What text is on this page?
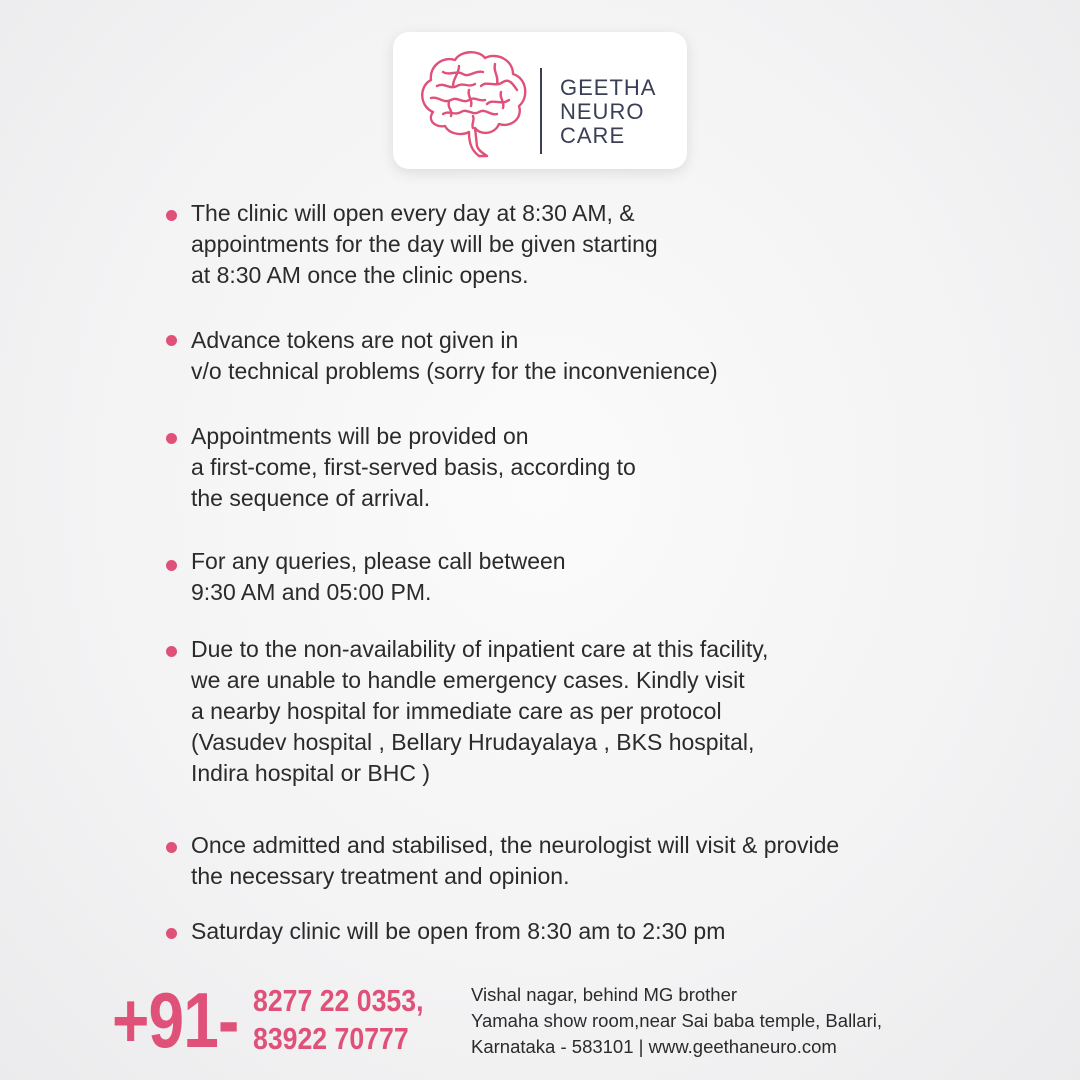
GEETHA
NEURO
CARE
The clinic will open every day at 8:30 AM, &
appointments for the day will be given starting
at 8:30 AM once the clinic opens.
Advance tokens are not given in
v/o technical problems (sorry for the inconvenience)
Appointments will be provided on
a first-come, first-served basis, according to
the sequence of arrival.
For any queries, please call between
9:30 AM and 05:00 PM.
Due to the non-availability of inpatient care at this facility,
we are unable to handle emergency cases. Kindly visit
a nearby hospital for immediate care as per protocol
(Vasudev hospital , Bellary Hrudayalaya , BKS hospital,
Indira hospital or BHC )
Once admitted and stabilised, the neurologist will visit & provide
the necessary treatment and opinion.
Saturday clinic will be open from 8:30 am to 2:30 pm
+91- 8277 22 0353,
83922 70777
Vishal nagar, behind MG brother
Yamaha show room,near Sai baba temple, Ballari,
Karnataka - 583101 | www.geethaneuro.com
